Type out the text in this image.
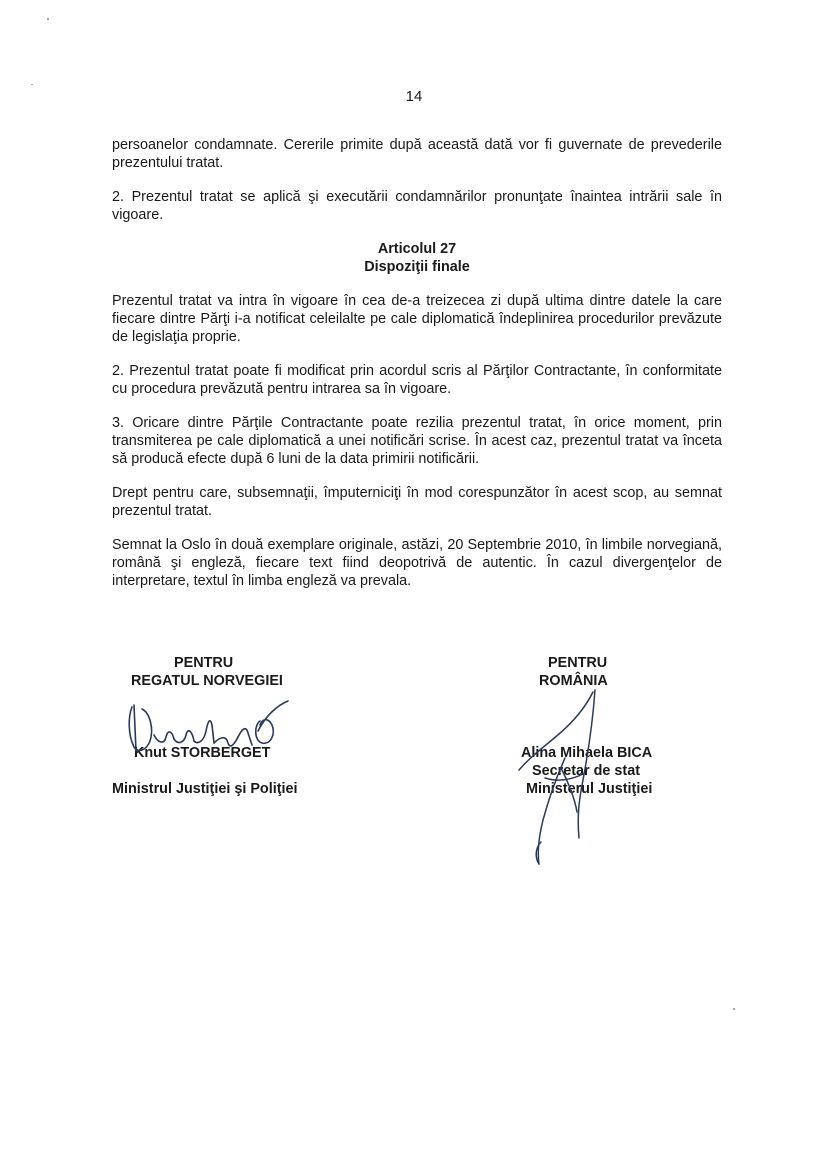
14

persoanelor condamnate. Cererile primite după această dată vor fi guvernate de prevederile prezentului tratat.

2. Prezentul tratat se aplică şi executării condamnărilor pronunţate înaintea intrării sale în vigoare.

Articolul 27
Dispoziţii finale

Prezentul tratat va intra în vigoare în cea de-a treizecea zi după ultima dintre datele la care fiecare dintre Părţi i-a notificat celeilalte pe cale diplomatică îndeplinirea procedurilor prevăzute de legislaţia proprie.

2. Prezentul tratat poate fi modificat prin acordul scris al Părţilor Contractante, în conformitate cu procedura prevăzută pentru intrarea sa în vigoare.

3. Oricare dintre Părţile Contractante poate rezilia prezentul tratat, în orice moment, prin transmiterea pe cale diplomatică a unei notificări scrise. În acest caz, prezentul tratat va înceta să producă efecte după 6 luni de la data primirii notificării.

Drept pentru care, subsemnaţii, împuterniciţi în mod corespunzător în acest scop, au semnat prezentul tratat.

Semnat la Oslo în două exemplare originale, astăzi, 20 Septembrie 2010, în limbile norvegiană, română şi engleză, fiecare text fiind deopotrivă de autentic. În cazul divergenţelor de interpretare, textul în limba engleză va prevala.

PENTRU
REGATUL NORVEGIEI
Knut STORBERGET
Ministrul Justiţiei şi Poliţiei
PENTRU
ROMÂNIA
Alina Mihaela BICA
Secretar de stat
Ministerul Justiţiei
